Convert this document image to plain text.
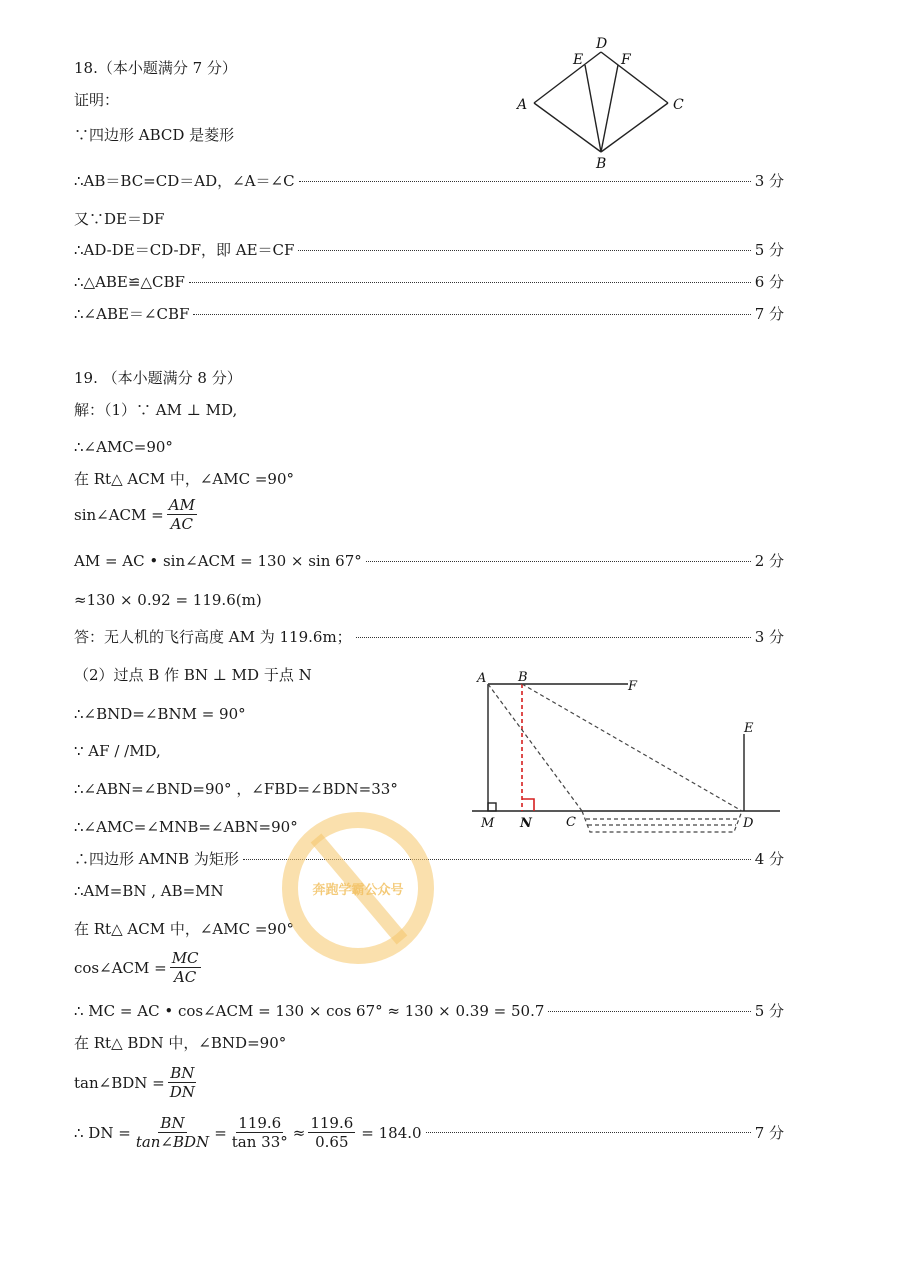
18.（本小题满分 7 分）
证明：
∵四边形 ABCD 是菱形
∴AB＝BC=CD＝AD，∠A＝∠C	3 分
又∵DE＝DF
∴AD-DE＝CD-DF，即 AE＝CF	5 分
∴△ABE≌△CBF	6 分
∴∠ABE＝∠CBF	7 分
D
E	F
A	C
B
19. （本小题满分 8 分）
解：（1）∵ AM ⊥ MD,
∴∠AMC=90°
在 Rt△ ACM 中，∠AMC =90°
sin∠ACM = $\frac{AM}{AC}$
AM = AC • sin∠ACM = 130 × sin 67°	2 分
≈130 × 0.92 = 119.6(m)
答：无人机的飞行高度 AM 为 119.6m；	3 分
（2）过点 B 作 BN ⊥ MD 于点 N
∴∠BND=∠BNM = 90°
∵ AF / /MD,
∴∠ABN=∠BND=90° ，∠FBD=∠BDN=33°
∴∠AMC=∠MNB=∠ABN=90°
∴四边形 AMNB 为矩形	4 分
∴AM=BN , AB=MN
在 Rt△ ACM 中，∠AMC =90°
cos∠ACM = $\frac{MC}{AC}$
∴ MC = AC • cos∠ACM = 130 × cos 67° ≈ 130 × 0.39 = 50.7	5 分
在 Rt△ BDN 中，∠BND=90°
tan∠BDN = $\frac{BN}{DN}$
∴ DN = $\frac{BN}{\text{tan∠BDN}} = \frac{119.6}{\tan 33^\circ} \approx \frac{119.6}{0.65} = 184.0$	7 分
A B
F
E
M N	C	D
奔跑学霸公众号
